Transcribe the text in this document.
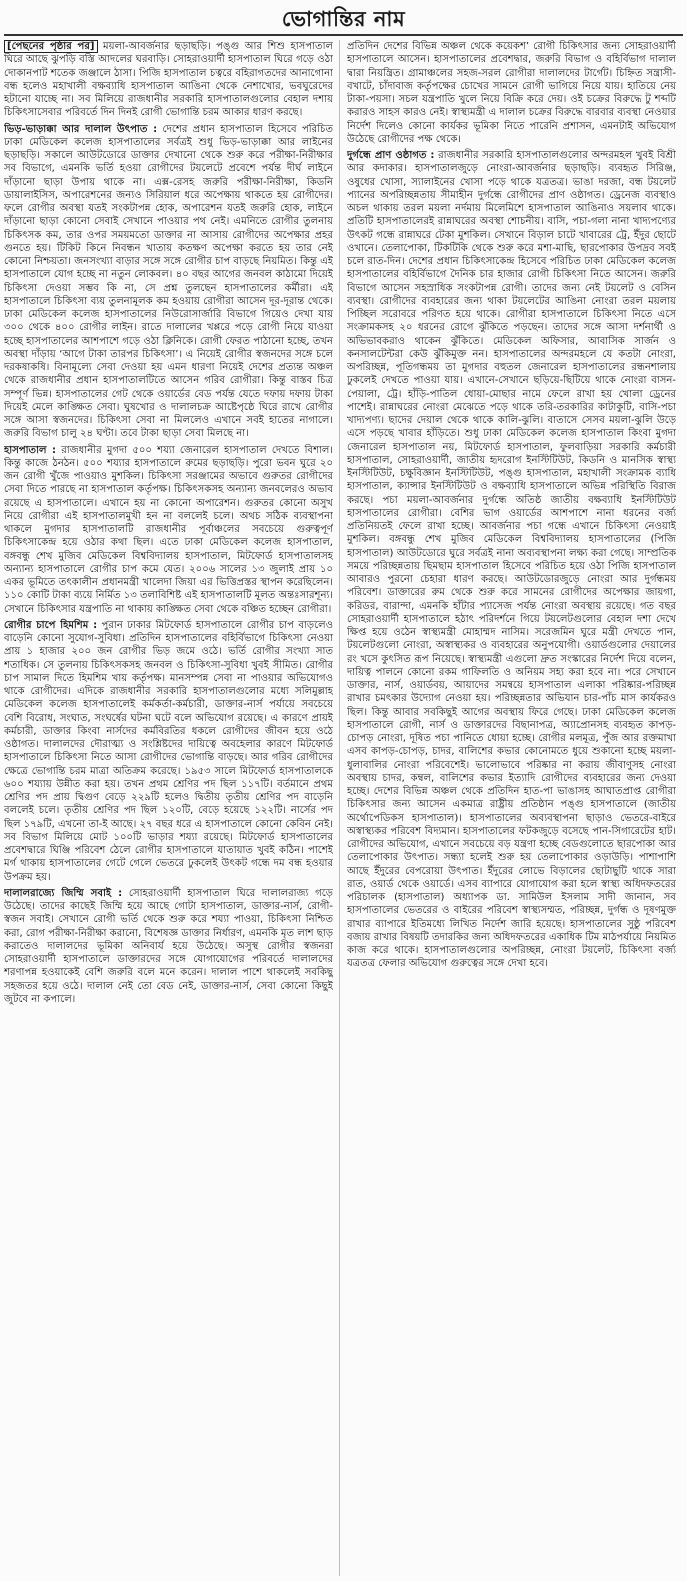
ভোগান্তির নাম

[পেছনের পৃষ্ঠার পর] ময়লা-আবর্জনার ছড়াছড়ি। পঙ্গু আর শিশু হাসপাতাল ঘিরে আছে ঝুপড়ি বস্তি আদলের ঘরবাড়ি। সোহরাওয়ার্দী হাসপাতাল ঘিরে গড়ে ওঠা দোকানপাট শতেক জঞ্জালে ঠাসা। পিজি হাসপাতাল চত্বরে বহিরাগতদের আনাগোনা বন্ধ হলেও মহাখালী বক্ষব্যাধি হাসপাতাল আঙিনা থেকে নেশাখোর, ভবঘুরেদের হটানো যাচ্ছে না। সব মিলিয়ে রাজধানীর সরকারি হাসপাতালগুলোর বেহাল দশায় চিকিৎসাসেবার পরিবর্তে দিন দিনই রোগী ভোগান্তি চরম আকার ধারণ করছে।

ভিড়-ভাড়াক্কা আর দালাল উৎপাত : দেশের প্রধান হাসপাতাল হিসেবে পরিচিত ঢাকা মেডিকেল কলেজ হাসপাতালের সর্বত্রই শুধু ভিড়-ভাড়াক্কা আর লাইনের ছড়াছড়ি। সকালে আউটডোরে ডাক্তার দেখানো থেকে শুরু করে পরীক্ষা-নিরীক্ষার সব বিভাগে, এমনকি ভর্তি হওয়া রোগীদের টয়লেটে প্রবেশে পর্যন্ত দীর্ঘ লাইনে দাঁড়ানো ছাড়া উপায় থাকে না। এক্স-রেসহ জরুরি পরীক্ষা-নিরীক্ষা, কিডনি ডায়ালাইসিস, অপারেশনের জন্যও সিরিয়াল ধরে অপেক্ষায় থাকতে হয় রোগীদের। ফলে রোগীর অবস্থা যতই সংকটাপন্ন হোক, অপারেশন যতই জরুরি হোক, লাইনে দাঁড়ানো ছাড়া কোনো সেবাই সেখানে পাওয়ার পথ নেই। এমনিতে রোগীর তুলনায় চিকিৎসক কম, তার ওপর সময়মতো ডাক্তার না আসায় রোগীদের অপেক্ষার প্রহর গুনতে হয়। টিকিট কিনে নিবন্ধন খাতায় কতক্ষণ অপেক্ষা করতে হয় তার নেই কোনো নিশ্চয়তা। জনসংখ্যা বাড়ার সঙ্গে সঙ্গে রোগীর চাপ বাড়ছে নিয়মিত। কিন্তু এই হাসপাতালে যোগ হচ্ছে না নতুন লোকবল। ৪০ বছর আগের জনবল কাঠামো দিয়েই চিকিৎসা দেওয়া সম্ভব কি না, সে প্রশ্ন তুলছেন হাসপাতালের কর্মীরা। এই হাসপাতালে চিকিৎসা ব্যয় তুলনামূলক কম হওয়ায় রোগীরা আসেন দূর-দূরান্ত থেকে। ঢাকা মেডিকেল কলেজ হাসপাতালের নিউরোসার্জারি বিভাগে গিয়েও দেখা যায় ৩০০ থেকে ৪০০ রোগীর লাইন। রাতে দালালের খপ্পরে পড়ে রোগী নিয়ে যাওয়া হচ্ছে হাসপাতালের আশপাশে গড়ে ওঠা ক্লিনিকে। রোগী ফেরত পাঠানো হচ্ছে, তখন অবস্থা দাঁড়ায় ‘আগে টাকা তারপর চিকিৎসা’। এ নিয়েই রোগীর স্বজনদের সঙ্গে চলে দরকষাকষি। বিনামূল্যে সেবা দেওয়া হয় এমন ধারণা নিয়েই দেশের প্রত্যন্ত অঞ্চল থেকে রাজধানীর প্রধান হাসপাতালটিতে আসেন গরিব রোগীরা। কিন্তু বাস্তব চিত্র সম্পূর্ণ ভিন্ন। হাসপাতালের গেট থেকে ওয়ার্ডের বেড পর্যন্ত যেতে দফায় দফায় টাকা দিয়েই মেলে কাঙ্ক্ষিত সেবা। ঘুষখোর ও দালালচক্র আষ্টেপৃষ্ঠে ঘিরে রাখে রোগীর সঙ্গে আসা স্বজনদের। চিকিৎসা সেবা না মিললেও এখানে সবই হাতের নাগালে। জরুরি বিভাগ চালু ২৪ ঘণ্টা। তবে টাকা ছাড়া সেবা মিলছে না।

হাসপাতাল : রাজধানীর মুগদা ৫০০ শয্যা জেনারেল হাসপাতাল দেখতে বিশাল। কিন্তু কাজে ঠনঠন। ৫০০ শয্যার হাসপাতালে রুমের ছড়াছড়ি। পুরো ভবন ঘুরে ২০ জন রোগী খুঁজে পাওয়াও মুশকিল। চিকিৎসা সরঞ্জামের অভাবে গুরুতর রোগীদের সেবা দিতে পারছে না হাসপাতাল কর্তৃপক্ষ। চিকিৎসকসহ অন্যান্য জনবলেরও অভাব রয়েছে এ হাসপাতালে। এখানে হয় না কোনো অপারেশন। গুরুতর কোনো অসুখ নিয়ে রোগীরা এই হাসপাতালমুখী হন না বললেই চলে। অথচ সঠিক ব্যবস্থাপনা থাকলে মুগদার হাসপাতালটি রাজধানীর পূর্বাঞ্চলের সবচেয়ে গুরুত্বপূর্ণ চিকিৎসাকেন্দ্র হয়ে ওঠার কথা ছিল। এতে ঢাকা মেডিকেল কলেজ হাসপাতাল, বঙ্গবন্ধু শেখ মুজিব মেডিকেল বিশ্ববিদ্যালয় হাসপাতাল, মিটফোর্ড হাসপাতালসহ অন্যান্য হাসপাতালে রোগীর চাপ কমে যেত। ২০০৬ সালের ১৩ জুলাই প্রায় ১০ একর ভূমিতে তৎকালীন প্রধানমন্ত্রী খালেদা জিয়া এর ভিত্তিপ্রস্তর স্থাপন করেছিলেন। ১১০ কোটি টাকা ব্যয়ে নির্মিত ১৩ তলাবিশিষ্ট এই হাসপাতালটি মূলত অন্তঃসারশূন্য। সেখানে চিকিৎসার যন্ত্রপাতি না থাকায় কাঙ্ক্ষিত সেবা থেকে বঞ্চিত হচ্ছেন রোগীরা।

রোগীর চাপে হিমশিম : পুরান ঢাকার মিটফোর্ড হাসপাতালে রোগীর চাপ বাড়লেও বাড়েনি কোনো সুযোগ-সুবিধা। প্রতিদিন হাসপাতালের বহির্বিভাগে চিকিৎসা নেওয়া প্রায় ১ হাজার ২০০ জন রোগীর ভিড় জমে ওঠে। ভর্তি রোগীর সংখ্যা সাত শতাধিক। সে তুলনায় চিকিৎসকসহ জনবল ও চিকিৎসা-সুবিধা খুবই সীমিত। রোগীর চাপ সামাল দিতে হিমশিম খায় কর্তৃপক্ষ। মানসম্পন্ন সেবা না পাওয়ার অভিযোগও থাকে রোগীদের। এদিকে রাজধানীর সরকারি হাসপাতালগুলোর মধ্যে সলিমুল্লাহ মেডিকেল কলেজ হাসপাতালেই কর্মকর্তা-কর্মচারী, ডাক্তার-নার্স পর্যায়ে সবচেয়ে বেশি বিরোধ, সংঘাত, সংঘর্ষের ঘটনা ঘটে বলে অভিযোগ রয়েছে। এ কারণে প্রায়ই কর্মচারী, ডাক্তার কিংবা নার্সদের কর্মবিরতির ধকলে রোগীদের জীবন হয়ে ওঠে ওষ্ঠাগত। দালালদের দৌরাত্ম্য ও সংশ্লিষ্টদের দায়িত্বে অবহেলার কারণে মিটফোর্ড হাসপাতালে চিকিৎসা নিতে আসা রোগীদের ভোগান্তি বাড়ছে। আর গরিব রোগীদের ক্ষেত্রে ভোগান্তি চরম মাত্রা অতিক্রম করেছে। ১৯৫৩ সালে মিটফোর্ড হাসপাতালকে ৬০০ শয্যায় উন্নীত করা হয়। তখন প্রথম শ্রেণির পদ ছিল ১১৭টি। বর্তমানে প্রথম শ্রেণির পদ প্রায় দ্বিগুণ বেড়ে ২২৯টি হলেও দ্বিতীয় তৃতীয় শ্রেণির পদ বাড়েনি বললেই চলে। তৃতীয় শ্রেণির পদ ছিল ১২০টি, বেড়ে হয়েছে ১২২টি। নার্সের পদ ছিল ১৭৯টি, এখনো তা-ই আছে। ২৭ বছর ধরে এ হাসপাতালে কোনো কেবিন নেই। সব বিভাগ মিলিয়ে মোট ১০০টি ভাড়ার শয্যা রয়েছে। মিটফোর্ড হাসপাতালের প্রবেশদ্বারে ঘিঞ্জি পরিবেশ ঠেলে রোগীর হাসপাতালে যাতায়াত খুবই কঠিন। পাশেই মর্গ থাকায় হাসপাতালের গেটে গেলে ভেতরে ঢুকলেই উৎকট গন্ধে দম বন্ধ হওয়ার উপক্রম হয়।

দালালরাজ্যে জিম্মি সবাই : সোহরাওয়ার্দী হাসপাতাল ঘিরে দালালরাজ্য গড়ে উঠেছে। তাদের কাছেই জিম্মি হয়ে আছে গোটা হাসপাতাল, ডাক্তার-নার্স, রোগী-স্বজন সবাই। সেখানে রোগী ভর্তি থেকে শুরু করে শয্যা পাওয়া, চিকিৎসা নিশ্চিত করা, রোগ পরীক্ষা-নিরীক্ষা করানো, বিশেষজ্ঞ ডাক্তার নির্ধারণ, এমনকি মৃত লাশ ছাড় করাতেও দালালদের ভূমিকা অনিবার্য হয়ে উঠেছে। অসুস্থ রোগীর স্বজনরা সোহরাওয়ার্দী হাসপাতালে ডাক্তারদের সঙ্গে যোগাযোগের পরিবর্তে দালালদের শরণাপন্ন হওয়াকেই বেশি জরুরি বলে মনে করেন। দালাল পাশে থাকলেই সবকিছু সহজতর হয়ে ওঠে। দালাল নেই তো বেড নেই, ডাক্তার-নার্স, সেবা কোনো কিছুই জুটবে না কপালে।

প্রতিদিন দেশের বিভিন্ন অঞ্চল থেকে কয়েকশ’ রোগী চিকিৎসার জন্য সোহরাওয়ার্দী হাসপাতালে আসেন। হাসপাতালের প্রবেশদ্বার, জরুরি বিভাগ ও বহির্বিভাগ দালাল দ্বারা নিয়ন্ত্রিত। গ্রামাঞ্চলের সহজ-সরল রোগীরা দালালদের টার্গেট। চিহ্নিত সন্ত্রাসী-বখাটে, চাঁদাবাজ কর্তৃপক্ষের চোখের সামনে রোগী ভাগিয়ে নিয়ে যায়। হাতিয়ে নেয় টাকা-পয়সা। সচল যন্ত্রপাতি খুলে নিয়ে বিক্রি করে দেয়। ওই চক্রের বিরুদ্ধে টু শব্দটি করারও সাহস কারও নেই। স্বাস্থ্যমন্ত্রী এ দালাল চক্রের বিরুদ্ধে বারবার ব্যবস্থা নেওয়ার নির্দেশ দিলেও কোনো কার্যকর ভূমিকা নিতে পারেনি প্রশাসন, এমনটাই অভিযোগ উঠেছে রোগীদের পক্ষ থেকে।

দুর্গন্ধে প্রাণ ওষ্ঠাগত : রাজধানীর সরকারি হাসপাতালগুলোর অন্দরমহল খুবই বিশ্রী আর কদাকার। হাসপাতালজুড়ে নোংরা-আবর্জনার ছড়াছড়ি। ব্যবহৃত সিরিঞ্জ, ওষুধের খোসা, স্যালাইনের খোসা পড়ে থাকে যত্রতত্র। ভাঙা দরজা, বন্ধ টয়লেট প্যানের অপরিচ্ছন্নতায় সীমাহীন দুর্গন্ধে রোগীদের প্রাণ ওষ্ঠাগত। ড্রেনেজ ব্যবস্থাও অচল থাকায় তরল ময়লা নর্দমায় মিলেমিশে হাসপাতাল আঙিনাও সয়লাব থাকে। প্রতিটি হাসপাতালেরই রান্নাঘরের অবস্থা শোচনীয়। বাসি, পচা-গলা নানা খাদ্যপণ্যের উৎকট গন্ধে রান্নাঘরে টেকা মুশকিল। সেখানে বিড়াল চাটে খাবারের ট্রে, ইঁদুর ছোটে ওখানে। তেলাপোকা, টিকটিকি থেকে শুরু করে মশা-মাছি, ছারপোকার উপদ্রব সবই চলে রাত-দিন। দেশের প্রধান চিকিৎসাকেন্দ্র হিসেবে পরিচিত ঢাকা মেডিকেল কলেজ হাসপাতালের বহির্বিভাগে দৈনিক চার হাজার রোগী চিকিৎসা নিতে আসেন। জরুরি বিভাগে আসেন সহস্রাধিক সংকটাপন্ন রোগী। তাদের জন্য নেই টয়লেট ও বেসিন ব্যবস্থা। রোগীদের ব্যবহারের জন্য থাকা টয়লেটের আঙিনা নোংরা তরল ময়লায় পিচ্ছিল সরোবরে পরিণত হয়ে থাকে। রোগীরা হাসপাতালে চিকিৎসা নিতে এসে সংক্রামকসহ ২০ ধরনের রোগে ঝুঁকিতে পড়ছেন। তাদের সঙ্গে আসা দর্শনার্থী ও অভিভাবকরাও থাকেন ঝুঁকিতে। মেডিকেল অফিসার, আবাসিক সার্জন ও কনসালটেন্টরা কেউ ঝুঁকিমুক্ত নন। হাসপাতালের অন্দরমহলে যে কতটা নোংরা, অপরিচ্ছন্ন, পূতিগন্ধময় তা মুগদার বহুতল জেনারেল হাসপাতালের রন্ধনশালায় ঢুকলেই দেখতে পাওয়া যায়। এখানে-সেখানে ছড়িয়ে-ছিটিয়ে থাকে নোংরা বাসন-পেয়ালা, ট্রে। হাঁড়ি-পাতিল ধোয়া-মোছার নামে ফেলে রাখা হয় খোলা ড্রেনের পাশেই। রান্নাঘরের নোংরা মেঝেতে পড়ে থাকে তরি-তরকারির কাটাকুটি, বাসি-পচা খাদ্যপণ্য। ছাদের দেয়াল থেকে থাকে কালি-ঝুলি। বাতাসে সেসব ময়লা-ঝুলি উড়ে এসে পড়ছে খাবার হাঁড়িতে। শুধু ঢাকা মেডিকেল কলেজ হাসপাতাল কিংবা মুগদা জেনারেল হাসপাতাল নয়, মিটফোর্ড হাসপাতাল, ফুলবাড়িয়া সরকারি কর্মচারী হাসপাতাল, সোহরাওয়ার্দী, জাতীয় হৃদরোগ ইনস্টিটিউট, কিডনি ও মানসিক স্বাস্থ্য ইনস্টিটিউট, চক্ষুবিজ্ঞান ইনস্টিটিউট, পঙ্গু হাসপাতাল, মহাখালী সংক্রামক ব্যাধি হাসপাতাল, ক্যান্সার ইনস্টিটিউট ও বক্ষব্যাধি হাসপাতালে অভিন্ন পরিস্থিতি বিরাজ করছে। পচা ময়লা-আবর্জনার দুর্গন্ধে অতিষ্ঠ জাতীয় বক্ষব্যাধি ইনস্টিটিউট হাসপাতালের রোগীরা। বেশির ভাগ ওয়ার্ডের আশপাশে নানা ধরনের বর্জ্য প্রতিনিয়তই ফেলে রাখা হচ্ছে। আবর্জনার পচা গন্ধে এখানে চিকিৎসা নেওয়াই মুশকিল। বঙ্গবন্ধু শেখ মুজিব মেডিকেল বিশ্ববিদ্যালয় হাসপাতালের (পিজি হাসপাতাল) আউটডোরে ঘুরে সর্বত্রই নানা অব্যবস্থাপনা লক্ষ্য করা গেছে। সাম্প্রতিক সময়ে পরিচ্ছন্নতায় ছিমছাম হাসপাতাল হিসেবে পরিচিত হয়ে ওঠা পিজি হাসপাতাল আবারও পুরনো চেহারা ধারণ করছে। আউটডোরজুড়ে নোংরা আর দুর্গন্ধময় পরিবেশ। ডাক্তারের রুম থেকে শুরু করে সামনের রোগীদের অপেক্ষার জায়গা, করিডর, বারান্দা, এমনকি হাঁটার প্যাসেজ পর্যন্ত নোংরা অবস্থায় রয়েছে। গত বছর সোহরাওয়ার্দী হাসপাতালে হঠাৎ পরিদর্শনে গিয়ে টয়লেটগুলোর বেহাল দশা দেখে ক্ষিপ্ত হয়ে ওঠেন স্বাস্থ্যমন্ত্রী মোহাম্মদ নাসিম। সরেজমিন ঘুরে মন্ত্রী দেখতে পান, টয়লেটগুলো নোংরা, অস্বাস্থ্যকর ও ব্যবহারের অনুপযোগী। ওয়ার্ডগুলোর দেয়ালের রং খসে কুৎসিত রূপ নিয়েছে। স্বাস্থ্যমন্ত্রী এগুলো দ্রুত সংস্কারের নির্দেশ দিয়ে বলেন, দায়িত্ব পালনে কোনো রকম গাফিলতি ও অনিয়ম সহ্য করা হবে না। পরে সেখানে ডাক্তার, নার্স, ওয়ার্ডবয়, আয়াদের সমন্বয়ে হাসপাতাল এলাকা পরিষ্কার-পরিচ্ছন্ন রাখার চমৎকার উদ্যোগ নেওয়া হয়। পরিচ্ছন্নতার অভিযান চার-পাঁচ মাস কার্যকরও ছিল। কিন্তু আবার সবকিছুই আগের অবস্থায় ফিরে গেছে। ঢাকা মেডিকেল কলেজ হাসপাতালে রোগী, নার্স ও ডাক্তারদের বিছানাপত্র, অ্যাপ্রোনসহ ব্যবহৃত কাপড়-চোপড় নোংরা, দূষিত পচা পানিতে ধোয়া হচ্ছে। রোগীর মলমূত্র, পুঁজ আর রক্তমাখা এসব কাপড়-চোপড়, চাদর, বালিশের কভার কোনোমতে ধুয়ে শুকানো হচ্ছে ময়লা-ধুলাবালির নোংরা পরিবেশেই। ভালোভাবে পরিষ্কার না করায় জীবাণুসহ নোংরা অবস্থায় চাদর, কম্বল, বালিশের কভার ইত্যাদি রোগীদের ব্যবহারের জন্য দেওয়া হচ্ছে। দেশের বিভিন্ন অঞ্চল থেকে প্রতিদিন হাত-পা ভাঙাসহ আঘাতপ্রাপ্ত রোগীরা চিকিৎসার জন্য আসেন একমাত্র রাষ্ট্রীয় প্রতিষ্ঠান পঙ্গু হাসপাতালে (জাতীয় অর্থোপেডিকস হাসপাতাল)। হাসপাতালের অব্যবস্থাপনা ছাড়াও ভেতরে-বাইরে অস্বাস্থ্যকর পরিবেশ বিদ্যমান। হাসপাতালের ফটকজুড়ে বসেছে পান-সিগারেটের হাট। রোগীদের অভিযোগ, এখানে সবচেয়ে বড় যন্ত্রণা হচ্ছে বেডগুলোতে ছারপোকা আর তেলাপোকার উৎপাত। সন্ধ্যা হলেই শুরু হয় তেলাপোকার ওড়াউড়ি। পাশাপাশি আছে ইঁদুরের বেপরোয়া উৎপাত। ইঁদুরের লোভে বিড়ালের ছোটাছুটি থাকে সারা রাত, ওয়ার্ড থেকে ওয়ার্ডে। এসব ব্যাপারে যোগাযোগ করা হলে স্বাস্থ্য অধিদফতরের পরিচালক (হাসপাতাল) অধ্যাপক ডা. সামিউল ইসলাম সাদী জানান, সব হাসপাতালের ভেতরের ও বাইরের পরিবেশ স্বাস্থ্যসম্মত, পরিচ্ছন্ন, দুর্গন্ধ ও দূষণমুক্ত রাখার ব্যাপারে ইতিমধ্যে লিখিত নির্দেশ জারি হয়েছে। হাসপাতালের সুষ্ঠু পরিবেশ বজায় রাখার বিষয়টি তদারকির জন্য অধিদফতরের একাধিক টিম মাঠপর্যায়ে নিয়মিত কাজ করে থাকে। হাসপাতালগুলোর অপরিচ্ছন্ন, নোংরা টয়লেট, চিকিৎসা বর্জ্য যত্রতত্র ফেলার অভিযোগ গুরুত্বের সঙ্গে দেখা হবে।
